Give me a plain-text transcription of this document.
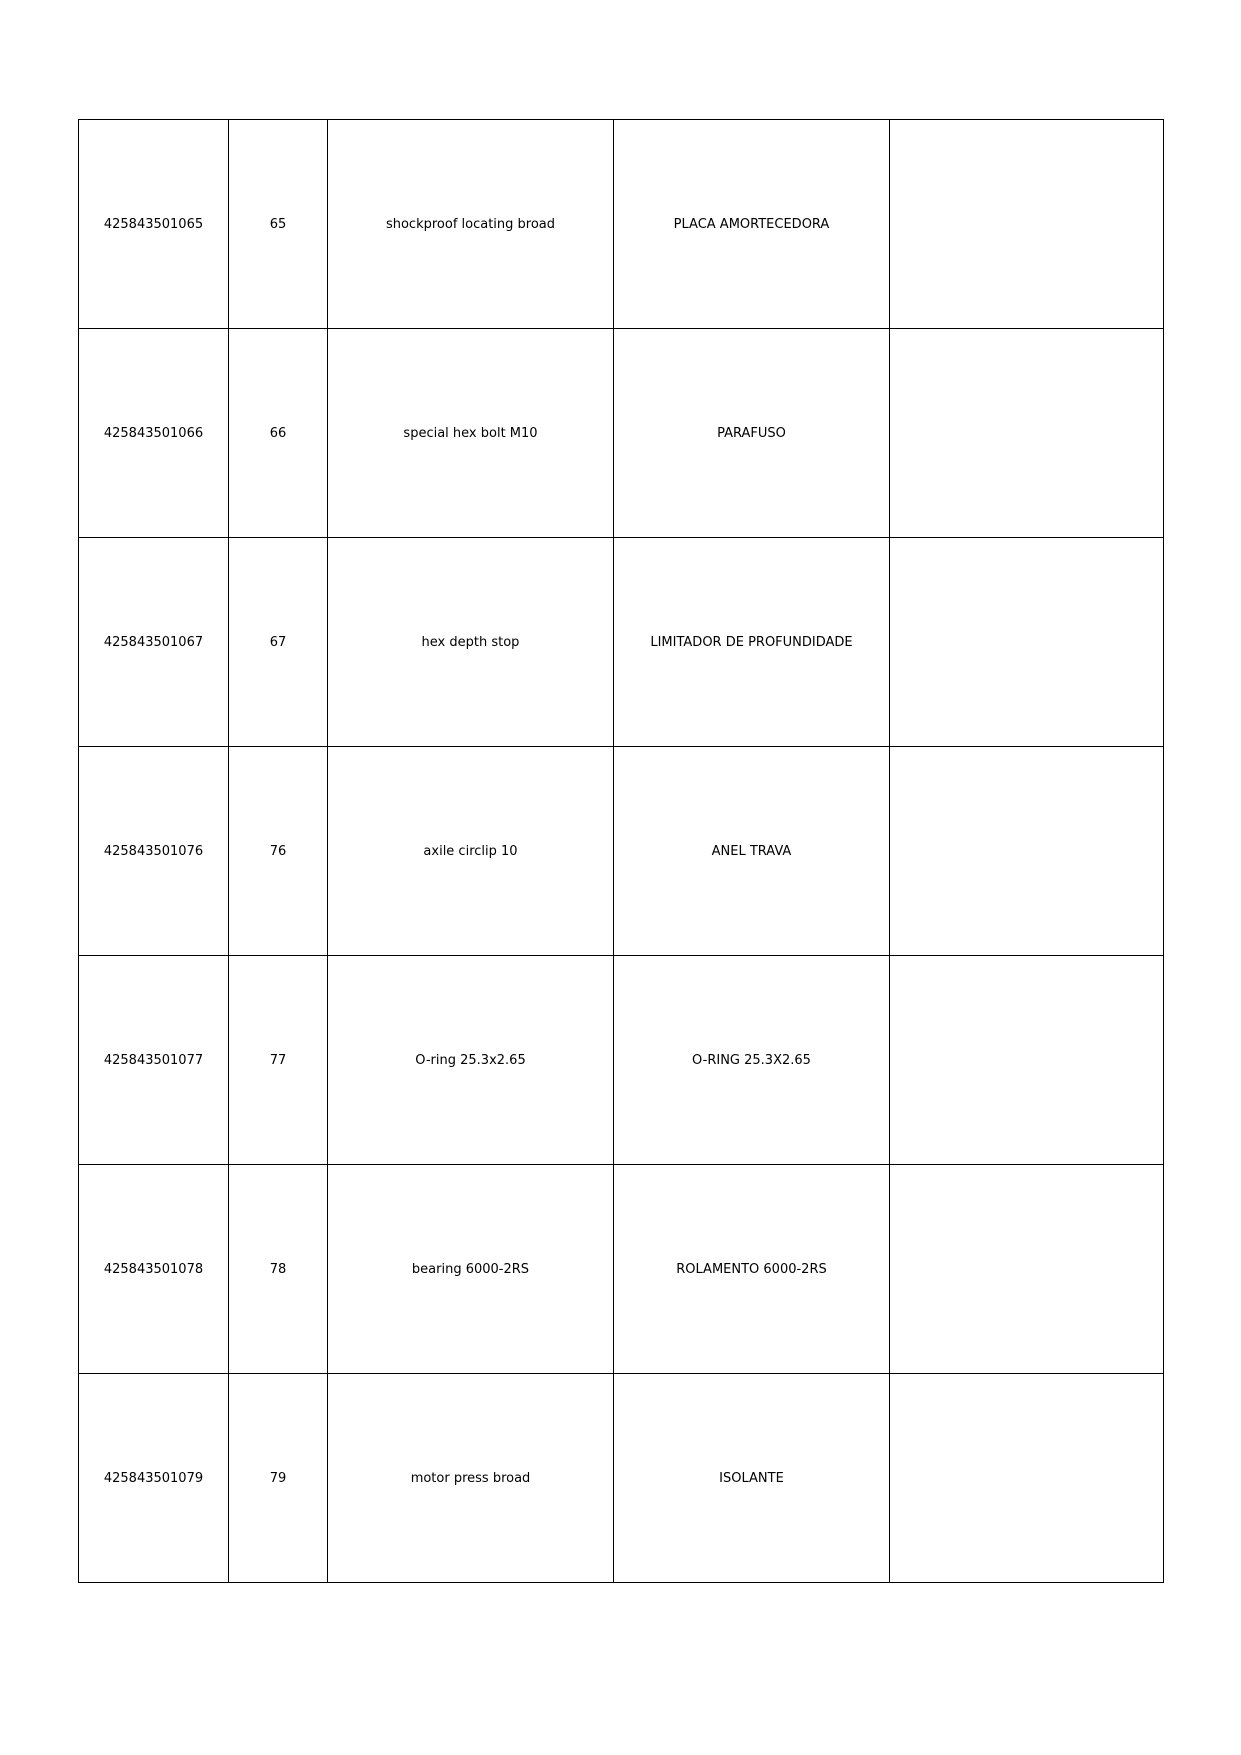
425843501065	65	shockproof locating broad	PLACA AMORTECEDORA	
425843501066	66	special hex bolt M10	PARAFUSO	
425843501067	67	hex depth stop	LIMITADOR DE PROFUNDIDADE	
425843501076	76	axile circlip 10	ANEL TRAVA	
425843501077	77	O-ring 25.3x2.65	O-RING 25.3X2.65	
425843501078	78	bearing 6000-2RS	ROLAMENTO 6000-2RS	
425843501079	79	motor press broad	ISOLANTE	
